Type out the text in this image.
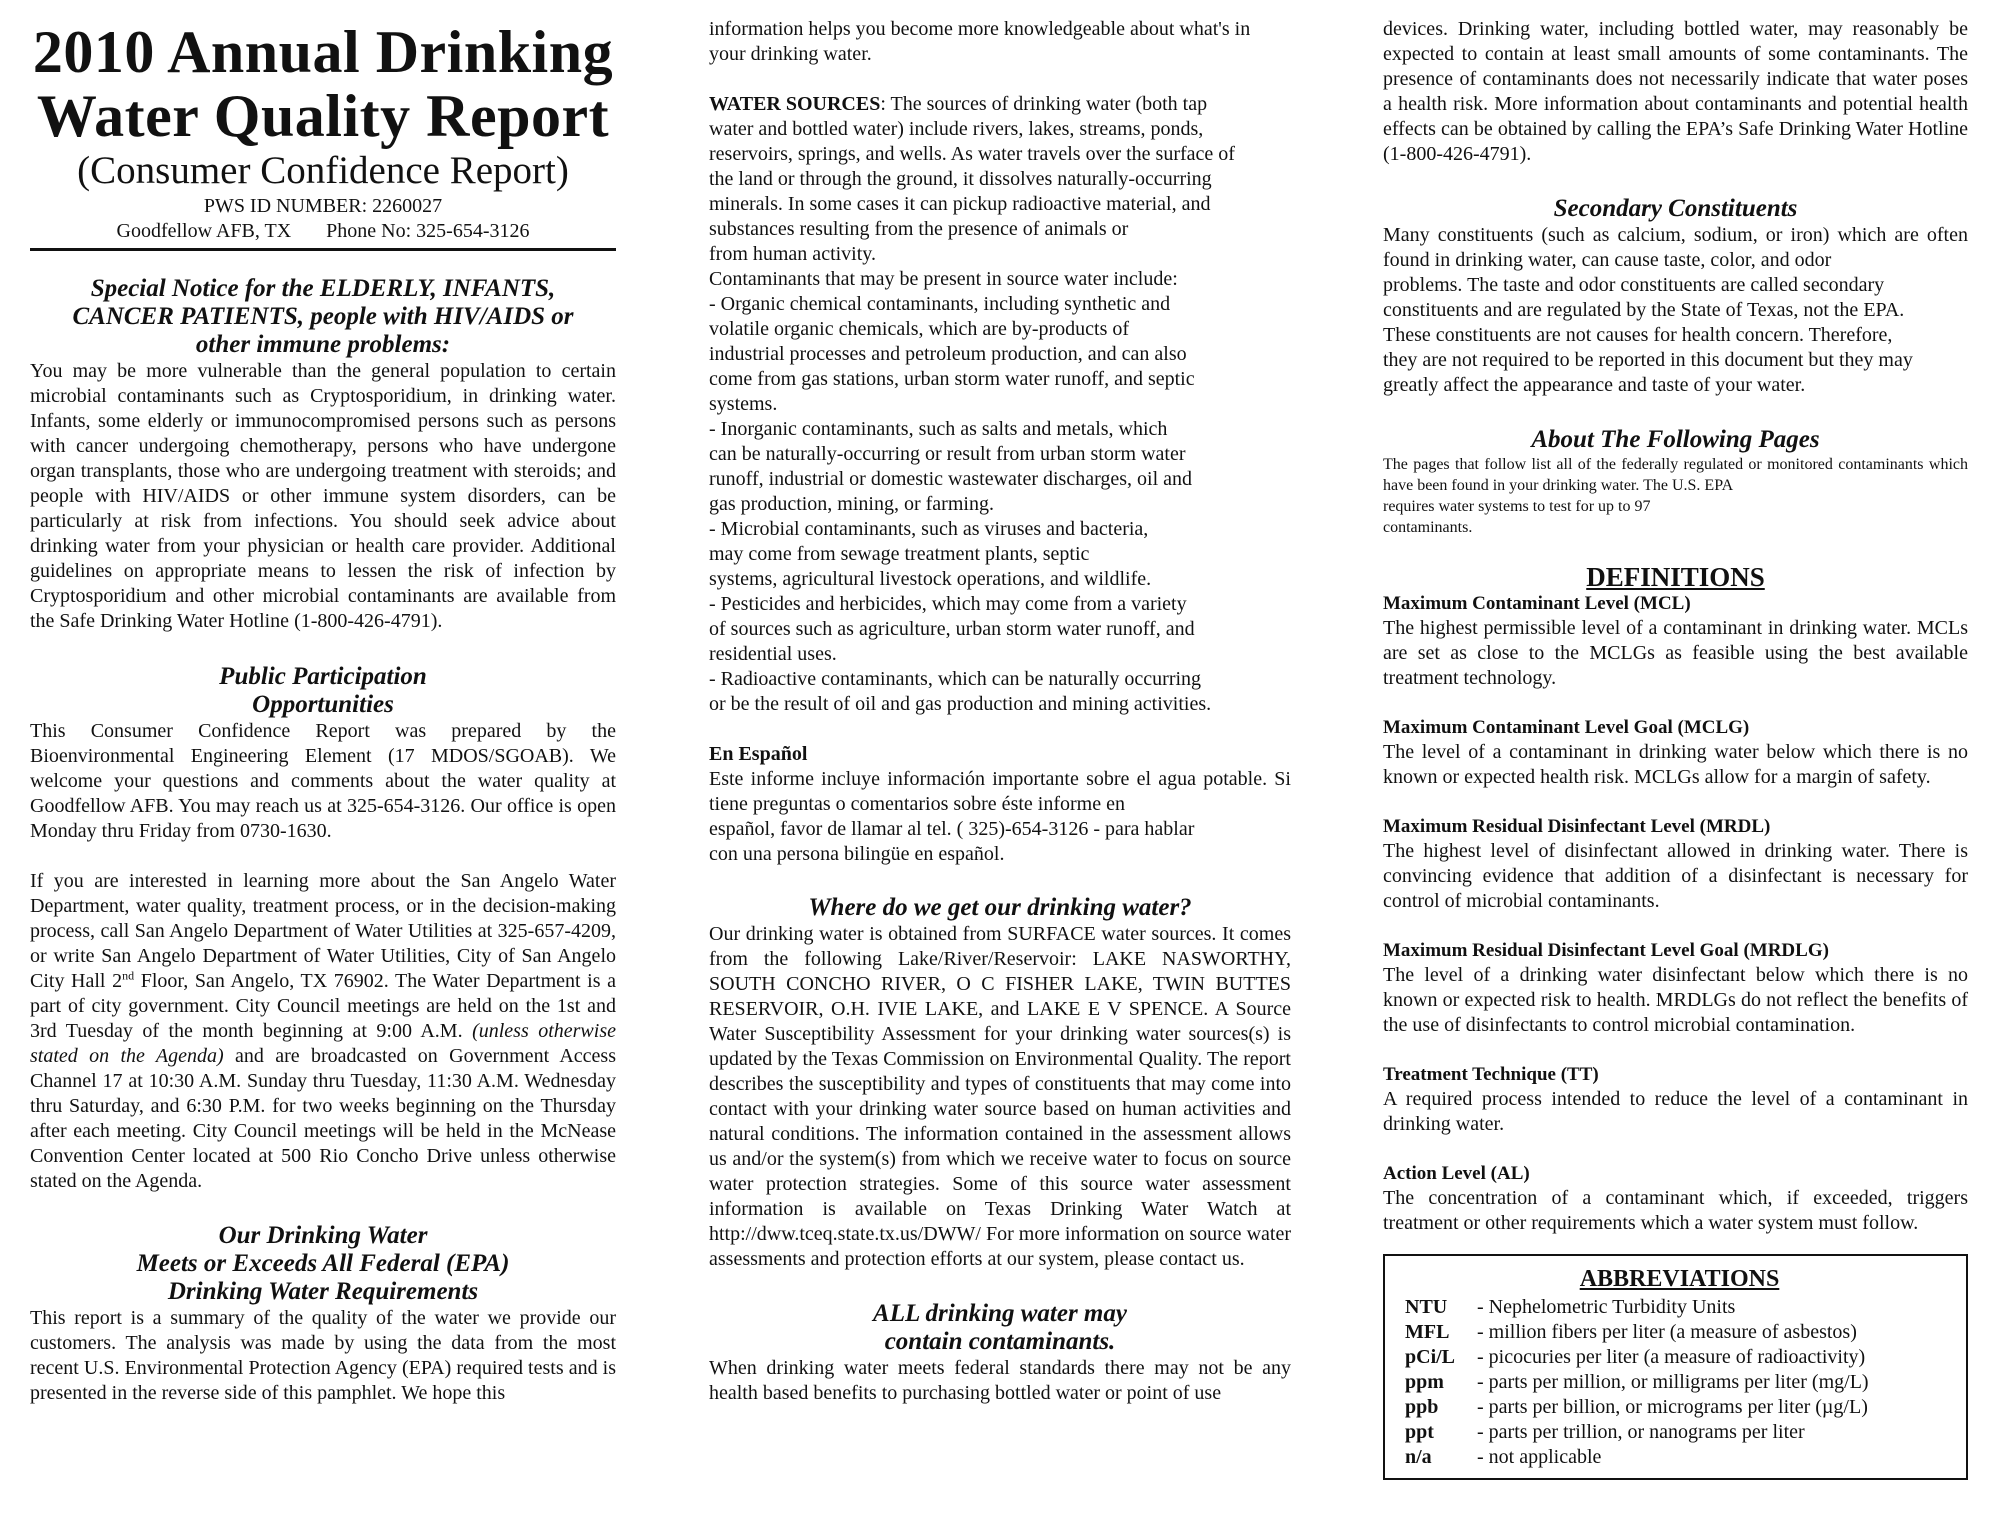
2010 Annual Drinking
Water Quality Report
(Consumer Confidence Report)
PWS ID NUMBER: 2260027
Goodfellow AFB, TX Phone No: 325-654-3126
Special Notice for the ELDERLY, INFANTS, CANCER PATIENTS, people with HIV/AIDS or other immune problems:

You may be more vulnerable than the general population to certain microbial contaminants such as Cryptosporidium, in drinking water. Infants, some elderly or immunocompromised persons such as persons with cancer undergoing chemotherapy, persons who have undergone organ transplants, those who are undergoing treatment with steroids; and people with HIV/AIDS or other immune system disorders, can be particularly at risk from infections. You should seek advice about drinking water from your physician or health care provider. Additional guidelines on appropriate means to lessen the risk of infection by Cryptosporidium and other microbial contaminants are available from the Safe Drinking Water Hotline (1-800-426-4791).

Public Participation
Opportunities

This Consumer Confidence Report was prepared by the Bioenvironmental Engineering Element (17 MDOS/SGOAB). We welcome your questions and comments about the water quality at Goodfellow AFB. You may reach us at 325-654-3126. Our office is open Monday thru Friday from 0730-1630.

If you are interested in learning more about the San Angelo Water Department, water quality, treatment process, or in the decision-making process, call San Angelo Department of Water Utilities at 325-657-4209, or write San Angelo Department of Water Utilities, City of San Angelo City Hall 2nd Floor, San Angelo, TX 76902. The Water Department is a part of city government. City Council meetings are held on the 1st and 3rd Tuesday of the month beginning at 9:00 A.M. (unless otherwise stated on the Agenda) and are broadcasted on Government Access Channel 17 at 10:30 A.M. Sunday thru Tuesday, 11:30 A.M. Wednesday thru Saturday, and 6:30 P.M. for two weeks beginning on the Thursday after each meeting. City Council meetings will be held in the McNease Convention Center located at 500 Rio Concho Drive unless otherwise stated on the Agenda.

Our Drinking Water
Meets or Exceeds All Federal (EPA)
Drinking Water Requirements

This report is a summary of the quality of the water we provide our customers. The analysis was made by using the data from the most recent U.S. Environmental Protection Agency (EPA) required tests and is presented in the reverse side of this pamphlet. We hope this

information helps you become more knowledgeable about what's in your drinking water.

WATER SOURCES: The sources of drinking water (both tap

water and bottled water) include rivers, lakes, streams, ponds,

reservoirs, springs, and wells. As water travels over the surface of

the land or through the ground, it dissolves naturally-occurring

minerals. In some cases it can pickup radioactive material, and

substances resulting from the presence of animals or

from human activity.

Contaminants that may be present in source water include:

- Organic chemical contaminants, including synthetic and

volatile organic chemicals, which are by-products of

industrial processes and petroleum production, and can also

come from gas stations, urban storm water runoff, and septic

systems.

- Inorganic contaminants, such as salts and metals, which

can be naturally-occurring or result from urban storm water

runoff, industrial or domestic wastewater discharges, oil and

gas production, mining, or farming.

- Microbial contaminants, such as viruses and bacteria,

may come from sewage treatment plants, septic

systems, agricultural livestock operations, and wildlife.

- Pesticides and herbicides, which may come from a variety

of sources such as agriculture, urban storm water runoff, and

residential uses.

- Radioactive contaminants, which can be naturally occurring

or be the result of oil and gas production and mining activities.

En Español

Este informe incluye información importante sobre el agua potable. Si tiene preguntas o comentarios sobre éste informe en

español, favor de llamar al tel. ( 325)-654-3126 - para hablar

con una persona bilingüe en español.

Where do we get our drinking water?

Our drinking water is obtained from SURFACE water sources. It comes from the following Lake/River/Reservoir: LAKE NASWORTHY, SOUTH CONCHO RIVER, O C FISHER LAKE, TWIN BUTTES RESERVOIR, O.H. IVIE LAKE, and LAKE E V SPENCE. A Source Water Susceptibility Assessment for your drinking water sources(s) is updated by the Texas Commission on Environmental Quality. The report describes the susceptibility and types of constituents that may come into contact with your drinking water source based on human activities and natural conditions. The information contained in the assessment allows us and/or the system(s) from which we receive water to focus on source water protection strategies. Some of this source water assessment information is available on Texas Drinking Water Watch at http://dww.tceq.state.tx.us/DWW/ For more information on source water assessments and protection efforts at our system, please contact us.

ALL drinking water may
contain contaminants.

When drinking water meets federal standards there may not be any health based benefits to purchasing bottled water or point of use

devices. Drinking water, including bottled water, may reasonably be expected to contain at least small amounts of some contaminants. The presence of contaminants does not necessarily indicate that water poses a health risk. More information about contaminants and potential health effects can be obtained by calling the EPA’s Safe Drinking Water Hotline (1-800-426-4791).

Secondary Constituents

Many constituents (such as calcium, sodium, or iron) which are often found in drinking water, can cause taste, color, and odor

problems. The taste and odor constituents are called secondary

constituents and are regulated by the State of Texas, not the EPA.

These constituents are not causes for health concern. Therefore,

they are not required to be reported in this document but they may

greatly affect the appearance and taste of your water.

About The Following Pages

The pages that follow list all of the federally regulated or monitored contaminants which have been found in your drinking water. The U.S. EPA

requires water systems to test for up to 97

contaminants.

DEFINITIONS
Maximum Contaminant Level (MCL)

The highest permissible level of a contaminant in drinking water. MCLs are set as close to the MCLGs as feasible using the best available treatment technology.

Maximum Contaminant Level Goal (MCLG)

The level of a contaminant in drinking water below which there is no known or expected health risk. MCLGs allow for a margin of safety.

Maximum Residual Disinfectant Level (MRDL)

The highest level of disinfectant allowed in drinking water. There is convincing evidence that addition of a disinfectant is necessary for control of microbial contaminants.

Maximum Residual Disinfectant Level Goal (MRDLG)

The level of a drinking water disinfectant below which there is no known or expected risk to health. MRDLGs do not reflect the benefits of the use of disinfectants to control microbial contamination.

Treatment Technique (TT)

A required process intended to reduce the level of a contaminant in drinking water.

Action Level (AL)

The concentration of a contaminant which, if exceeded, triggers treatment or other requirements which a water system must follow.

ABBREVIATIONS
NTU	- Nephelometric Turbidity Units
MFL	- million fibers per liter (a measure of asbestos)
pCi/L	- picocuries per liter (a measure of radioactivity)
ppm	- parts per million, or milligrams per liter (mg/L)
ppb	- parts per billion, or micrograms per liter (µg/L)
ppt	- parts per trillion, or nanograms per liter
n/a	- not applicable
